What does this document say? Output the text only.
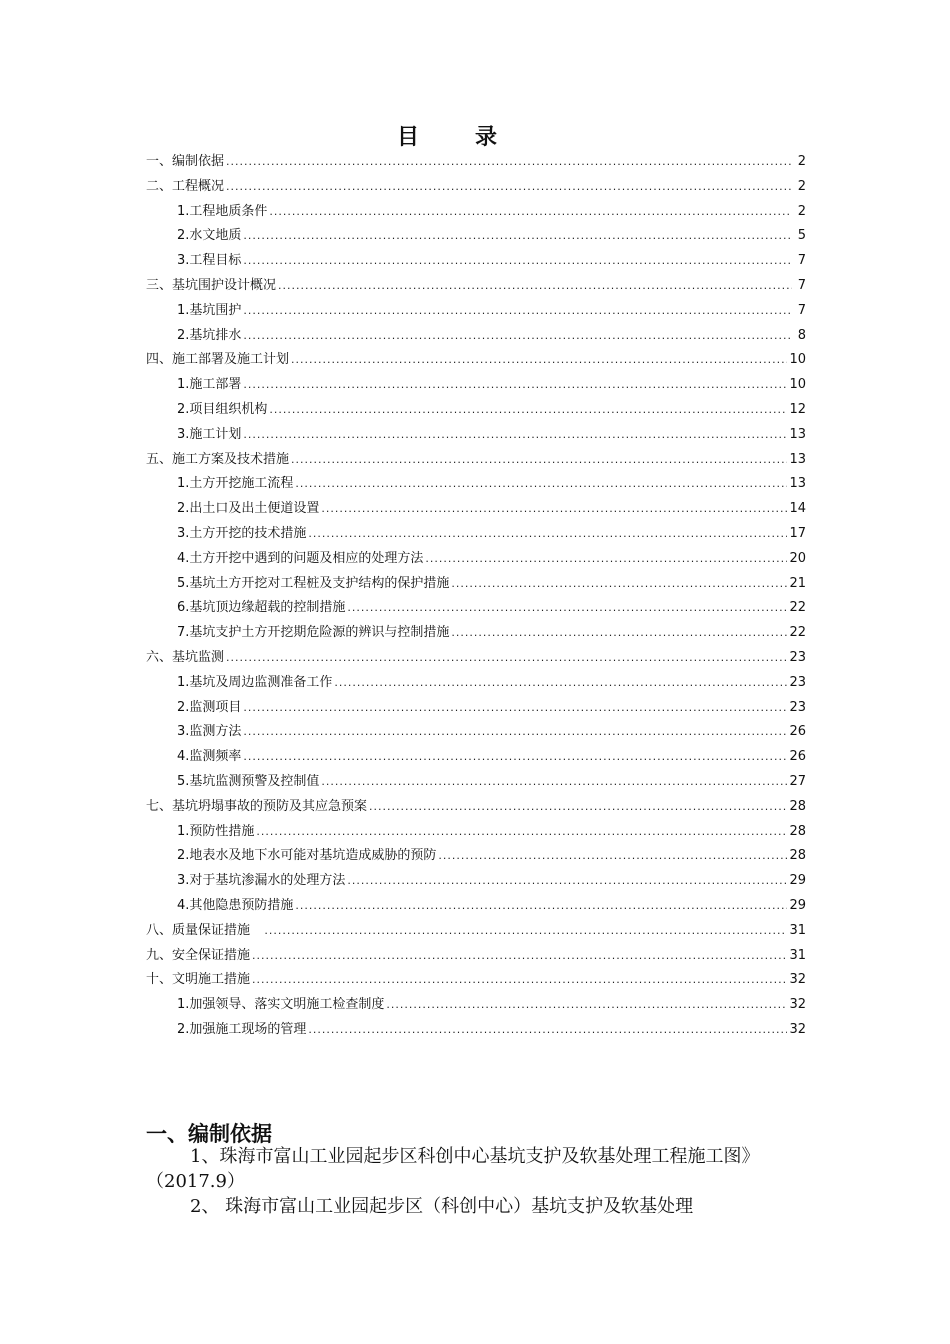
目录
一、编制依据 .....	2
二、工程概况 .....	2
1.工程地质条件 .....	2
2.水文地质 .....	5
3.工程目标 .....	7
三、基坑围护设计概况 .....	7
1.基坑围护 .....	7
2.基坑排水 .....	8
四、施工部署及施工计划 .....	10
1.施工部署 .....	10
2.项目组织机构 .....	12
3.施工计划 .....	13
五、施工方案及技术措施 .....	13
1.土方开挖施工流程 .....	13
2.出土口及出土便道设置 .....	14
3.土方开挖的技术措施 .....	17
4.土方开挖中遇到的问题及相应的处理方法 .....	20
5.基坑土方开挖对工程桩及支护结构的保护措施 .....	21
6.基坑顶边缘超载的控制措施 .....	22
7.基坑支护土方开挖期危险源的辨识与控制措施 .....	22
六、基坑监测 .....	23
1.基坑及周边监测准备工作 .....	23
2.监测项目 .....	23
3.监测方法 .....	26
4.监测频率 .....	26
5.基坑监测预警及控制值 .....	27
七、基坑坍塌事故的预防及其应急预案 .....	28
1.预防性措施 .....	28
2.地表水及地下水可能对基坑造成威胁的预防 .....	28
3.对于基坑渗漏水的处理方法 .....	29
4.其他隐患预防措施 .....	29
八、质量保证措施 .....	31
九、安全保证措施 .....	31
十、文明施工措施 .....	32
1.加强领导、落实文明施工检查制度 .....	32
2.加强施工现场的管理 .....	32
一、编制依据

1、珠海市富山工业园起步区科创中心基坑支护及软基处理工程施工图》（2017.9）

2、 珠海市富山工业园起步区（科创中心）基坑支护及软基处理
